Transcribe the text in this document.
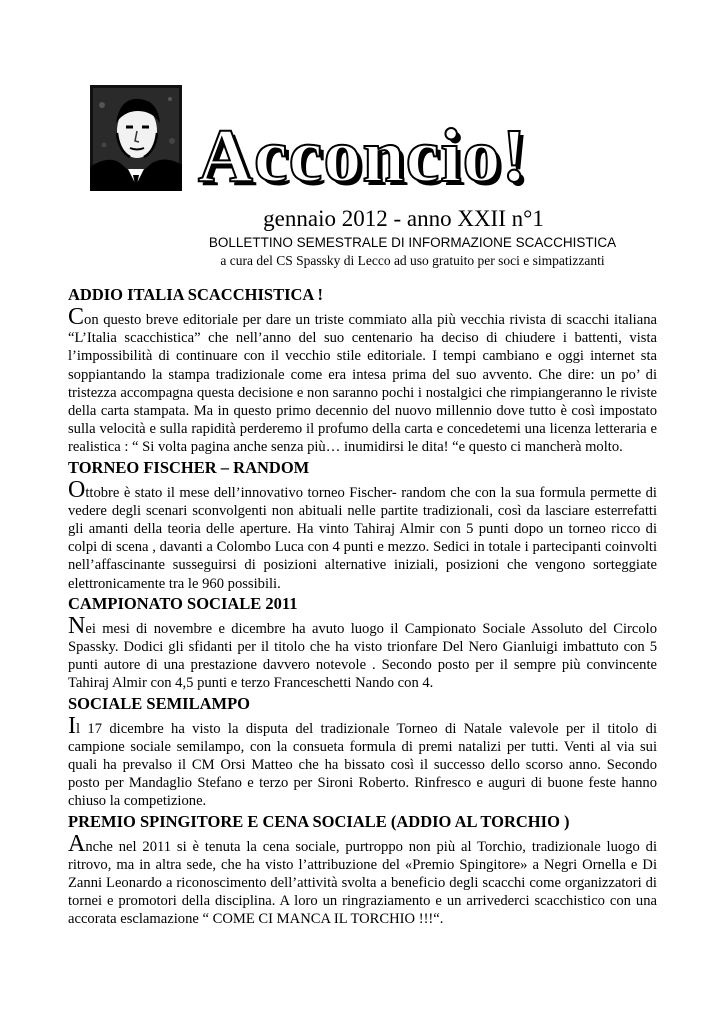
Acconcio!
gennaio 2012 - anno XXII n°1
BOLLETTINO SEMESTRALE DI INFORMAZIONE SCACCHISTICA
a cura del CS Spassky di Lecco ad uso gratuito per soci e simpatizzanti
ADDIO ITALIA SCACCHISTICA !

Con questo breve editoriale per dare un triste commiato alla più vecchia rivista di scacchi italiana “L’Italia scacchistica” che nell’anno del suo centenario ha deciso di chiudere i battenti, vista l’impossibilità di continuare con il vecchio stile editoriale. I tempi cambiano e oggi internet sta soppiantando la stampa tradizionale come era intesa prima del suo avvento. Che dire: un po’ di tristezza accompagna questa decisione e non saranno pochi i nostalgici che rimpiangeranno le riviste della carta stampata. Ma in questo primo decennio del nuovo millennio dove tutto è così impostato sulla velocità e sulla rapidità perderemo il profumo della carta e concedetemi una licenza letteraria e realistica : “ Si volta pagina anche senza più… inumidirsi le dita! “e questo ci mancherà molto.

TORNEO FISCHER – RANDOM

Ottobre è stato il mese dell’innovativo torneo Fischer- random che con la sua formula permette di vedere degli scenari sconvolgenti non abituali nelle partite tradizionali, così da lasciare esterrefatti gli amanti della teoria delle aperture. Ha vinto Tahiraj Almir con 5 punti dopo un torneo ricco di colpi di scena , davanti a Colombo Luca con 4 punti e mezzo. Sedici in totale i partecipanti coinvolti nell’affascinante susseguirsi di posizioni alternative iniziali, posizioni che vengono sorteggiate elettronicamente tra le 960 possibili.

CAMPIONATO SOCIALE 2011

Nei mesi di novembre e dicembre ha avuto luogo il Campionato Sociale Assoluto del Circolo Spassky. Dodici gli sfidanti per il titolo che ha visto trionfare Del Nero Gianluigi imbattuto con 5 punti autore di una prestazione davvero notevole . Secondo posto per il sempre più convincente Tahiraj Almir con 4,5 punti e terzo Franceschetti Nando con 4.

SOCIALE SEMILAMPO

Il 17 dicembre ha visto la disputa del tradizionale Torneo di Natale valevole per il titolo di campione sociale semilampo, con la consueta formula di premi natalizi per tutti. Venti al via sui quali ha prevalso il CM Orsi Matteo che ha bissato così il successo dello scorso anno. Secondo posto per Mandaglio Stefano e terzo per Sironi Roberto. Rinfresco e auguri di buone feste hanno chiuso la competizione.

PREMIO SPINGITORE E CENA SOCIALE (ADDIO AL TORCHIO )

Anche nel 2011 si è tenuta la cena sociale, purtroppo non più al Torchio, tradizionale luogo di ritrovo, ma in altra sede, che ha visto l’attribuzione del «Premio Spingitore» a Negri Ornella e Di Zanni Leonardo a riconoscimento dell’attività svolta a beneficio degli scacchi come organizzatori di tornei e promotori della disciplina. A loro un ringraziamento e un arrivederci scacchistico con una accorata esclamazione “ COME CI MANCA IL TORCHIO !!!“.
